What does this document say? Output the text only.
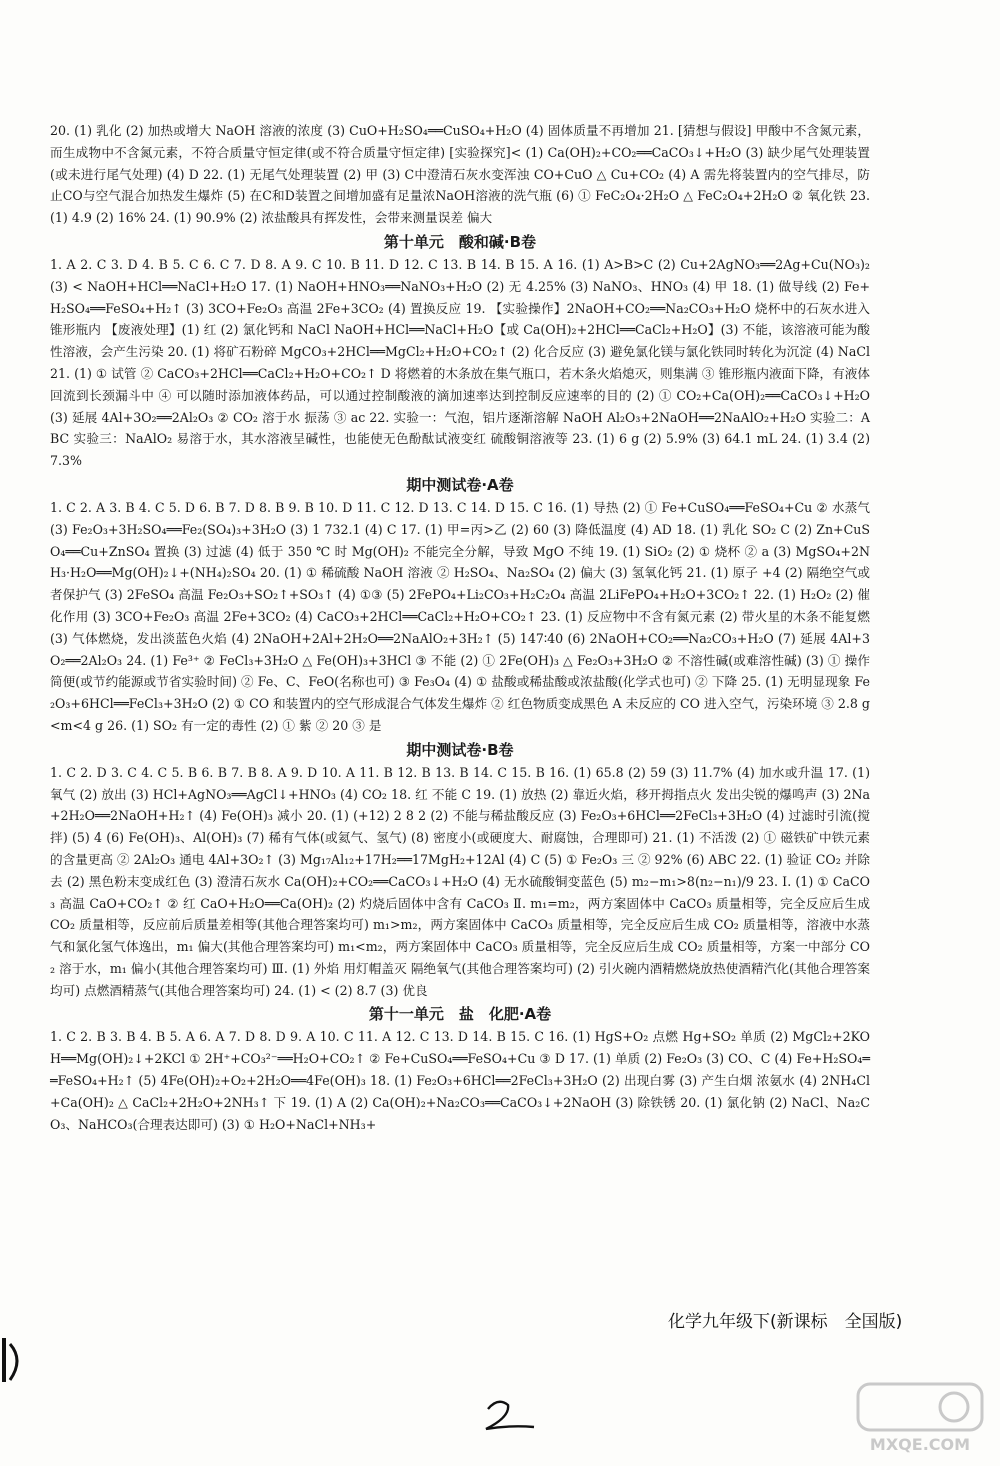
20. (1) 乳化 (2) 加热或增大 NaOH 溶液的浓度 (3) CuO+H₂SO₄══CuSO₄+H₂O (4) 固体质量不再增加 21. [猜想与假设] 甲酸中不含氮元素，而生成物中不含氮元素，不符合质量守恒定律(或不符合质量守恒定律) [实验探究]< (1) Ca(OH)₂+CO₂══CaCO₃↓+H₂O (3) 缺少尾气处理装置(或未进行尾气处理) (4) D 22. (1) 无尾气处理装置 (2) 甲 (3) C中澄清石灰水变浑浊 CO+CuO △ Cu+CO₂ (4) A 需先将装置内的空气排尽，防止CO与空气混合加热发生爆炸 (5) 在C和D装置之间增加盛有足量浓NaOH溶液的洗气瓶 (6) ① FeC₂O₄·2H₂O △ FeC₂O₄+2H₂O ② 氧化铁 23. (1) 4.9 (2) 16% 24. (1) 90.9% (2) 浓盐酸具有挥发性，会带来测量误差 偏大

第十单元　酸和碱·B卷

1. A 2. C 3. D 4. B 5. C 6. C 7. D 8. A 9. C 10. B 11. D 12. C 13. B 14. B 15. A 16. (1) A>B>C (2) Cu+2AgNO₃══2Ag+Cu(NO₃)₂ (3) < NaOH+HCl══NaCl+H₂O 17. (1) NaOH+HNO₃══NaNO₃+H₂O (2) 无 4.25% (3) NaNO₃、HNO₃ (4) 甲 18. (1) 做导线 (2) Fe+H₂SO₄══FeSO₄+H₂↑ (3) 3CO+Fe₂O₃ 高温 2Fe+3CO₂ (4) 置换反应 19. 【实验操作】2NaOH+CO₂══Na₂CO₃+H₂O 烧杯中的石灰水进入锥形瓶内 【废液处理】(1) 红 (2) 氯化钙和 NaCl NaOH+HCl══NaCl+H₂O【或 Ca(OH)₂+2HCl══CaCl₂+H₂O】(3) 不能，该溶液可能为酸性溶液，会产生污染 20. (1) 将矿石粉碎 MgCO₃+2HCl══MgCl₂+H₂O+CO₂↑ (2) 化合反应 (3) 避免氯化镁与氯化铁同时转化为沉淀 (4) NaCl 21. (1) ① 试管 ② CaCO₃+2HCl══CaCl₂+H₂O+CO₂↑ D 将燃着的木条放在集气瓶口，若木条火焰熄灭，则集满 ③ 锥形瓶内液面下降，有液体回流到长颈漏斗中 ④ 可以随时添加液体药品，可以通过控制酸液的滴加速率达到控制反应速率的目的 (2) ① CO₂+Ca(OH)₂══CaCO₃↓+H₂O (3) 延展 4Al+3O₂══2Al₂O₃ ② CO₂ 溶于水 振荡 ③ ac 22. 实验一：气泡，铝片逐渐溶解 NaOH Al₂O₃+2NaOH══2NaAlO₂+H₂O 实验二：ABC 实验三：NaAlO₂ 易溶于水，其水溶液呈碱性，也能使无色酚酞试液变红 硫酸铜溶液等 23. (1) 6 g (2) 5.9% (3) 64.1 mL 24. (1) 3.4 (2) 7.3%

期中测试卷·A卷

1. C 2. A 3. B 4. C 5. D 6. B 7. D 8. B 9. B 10. D 11. C 12. D 13. C 14. D 15. C 16. (1) 导热 (2) ① Fe+CuSO₄══FeSO₄+Cu ② 水蒸气 (3) Fe₂O₃+3H₂SO₄══Fe₂(SO₄)₃+3H₂O (3) 1 732.1 (4) C 17. (1) 甲=丙>乙 (2) 60 (3) 降低温度 (4) AD 18. (1) 乳化 SO₂ C (2) Zn+CuSO₄══Cu+ZnSO₄ 置换 (3) 过滤 (4) 低于 350 ℃ 时 Mg(OH)₂ 不能完全分解，导致 MgO 不纯 19. (1) SiO₂ (2) ① 烧杯 ② a (3) MgSO₄+2NH₃·H₂O══Mg(OH)₂↓+(NH₄)₂SO₄ 20. (1) ① 稀硫酸 NaOH 溶液 ② H₂SO₄、Na₂SO₄ (2) 偏大 (3) 氢氧化钙 21. (1) 原子 +4 (2) 隔绝空气或者保护气 (3) 2FeSO₄ 高温 Fe₂O₃+SO₂↑+SO₃↑ (4) ①③ (5) 2FePO₄+Li₂CO₃+H₂C₂O₄ 高温 2LiFePO₄+H₂O+3CO₂↑ 22. (1) H₂O₂ (2) 催化作用 (3) 3CO+Fe₂O₃ 高温 2Fe+3CO₂ (4) CaCO₃+2HCl══CaCl₂+H₂O+CO₂↑ 23. (1) 反应物中不含有氮元素 (2) 带火星的木条不能复燃 (3) 气体燃烧，发出淡蓝色火焰 (4) 2NaOH+2Al+2H₂O══2NaAlO₂+3H₂↑ (5) 147∶40 (6) 2NaOH+CO₂══Na₂CO₃+H₂O (7) 延展 4Al+3O₂══2Al₂O₃ 24. (1) Fe³⁺ ② FeCl₃+3H₂O △ Fe(OH)₃+3HCl ③ 不能 (2) ① 2Fe(OH)₃ △ Fe₂O₃+3H₂O ② 不溶性碱(或难溶性碱) (3) ① 操作简便(或节约能源或节省实验时间) ② Fe、C、FeO(名称也可) ③ Fe₃O₄ (4) ① 盐酸或稀盐酸或浓盐酸(化学式也可) ② 下降 25. (1) 无明显现象 Fe₂O₃+6HCl══FeCl₃+3H₂O (2) ① CO 和装置内的空气形成混合气体发生爆炸 ② 红色物质变成黑色 A 未反应的 CO 进入空气，污染环境 ③ 2.8 g<m<4 g 26. (1) SO₂ 有一定的毒性 (2) ① 紫 ② 20 ③ 是

期中测试卷·B卷

1. C 2. D 3. C 4. C 5. B 6. B 7. B 8. A 9. D 10. A 11. B 12. B 13. B 14. C 15. B 16. (1) 65.8 (2) 59 (3) 11.7% (4) 加水或升温 17. (1) 氧气 (2) 放出 (3) HCl+AgNO₃══AgCl↓+HNO₃ (4) CO₂ 18. 红 不能 C 19. (1) 放热 (2) 靠近火焰，移开拇指点火 发出尖锐的爆鸣声 (3) 2Na+2H₂O══2NaOH+H₂↑ (4) Fe(OH)₃ 减小 20. (1) (+12) 2 8 2 (2) 不能与稀盐酸反应 (3) Fe₂O₃+6HCl══2FeCl₃+3H₂O (4) 过滤时引流(搅拌) (5) 4 (6) Fe(OH)₃、Al(OH)₃ (7) 稀有气体(或氦气、氢气) (8) 密度小(或硬度大、耐腐蚀，合理即可) 21. (1) 不活泼 (2) ① 磁铁矿中铁元素的含量更高 ② 2Al₂O₃ 通电 4Al+3O₂↑ (3) Mg₁₇Al₁₂+17H₂══17MgH₂+12Al (4) C (5) ① Fe₂O₃ 三 ② 92% (6) ABC 22. (1) 验证 CO₂ 并除去 (2) 黑色粉末变成红色 (3) 澄清石灰水 Ca(OH)₂+CO₂══CaCO₃↓+H₂O (4) 无水硫酸铜变蓝色 (5) m₂−m₁>8(n₂−n₁)/9 23. Ⅰ. (1) ① CaCO₃ 高温 CaO+CO₂↑ ② 红 CaO+H₂O══Ca(OH)₂ (2) 灼烧后固体中含有 CaCO₃ Ⅱ. m₁=m₂，两方案固体中 CaCO₃ 质量相等，完全反应后生成 CO₂ 质量相等，反应前后质量差相等(其他合理答案均可) m₁>m₂，两方案固体中 CaCO₃ 质量相等，完全反应后生成 CO₂ 质量相等，溶液中水蒸气和氯化氢气体逸出，m₁ 偏大(其他合理答案均可) m₁<m₂，两方案固体中 CaCO₃ 质量相等，完全反应后生成 CO₂ 质量相等，方案一中部分 CO₂ 溶于水，m₁ 偏小(其他合理答案均可) Ⅲ. (1) 外焰 用灯帽盖灭 隔绝氧气(其他合理答案均可) (2) 引火碗内酒精燃烧放热使酒精汽化(其他合理答案均可) 点燃酒精蒸气(其他合理答案均可) 24. (1) < (2) 8.7 (3) 优良

第十一单元　盐　化肥·A卷

1. C 2. B 3. B 4. B 5. A 6. A 7. D 8. D 9. A 10. C 11. A 12. C 13. D 14. B 15. C 16. (1) HgS+O₂ 点燃 Hg+SO₂ 单质 (2) MgCl₂+2KOH══Mg(OH)₂↓+2KCl ① 2H⁺+CO₃²⁻══H₂O+CO₂↑ ② Fe+CuSO₄══FeSO₄+Cu ③ D 17. (1) 单质 (2) Fe₂O₃ (3) CO、C (4) Fe+H₂SO₄══FeSO₄+H₂↑ (5) 4Fe(OH)₂+O₂+2H₂O══4Fe(OH)₃ 18. (1) Fe₂O₃+6HCl══2FeCl₃+3H₂O (2) 出现白雾 (3) 产生白烟 浓氨水 (4) 2NH₄Cl+Ca(OH)₂ △ CaCl₂+2H₂O+2NH₃↑ 下 19. (1) A (2) Ca(OH)₂+Na₂CO₃══CaCO₃↓+2NaOH (3) 除铁锈 20. (1) 氯化钠 (2) NaCl、Na₂CO₃、NaHCO₃(合理表达即可) (3) ① H₂O+NaCl+NH₃+

化学九年级下(新课标　全国版)
MXQE.COM
